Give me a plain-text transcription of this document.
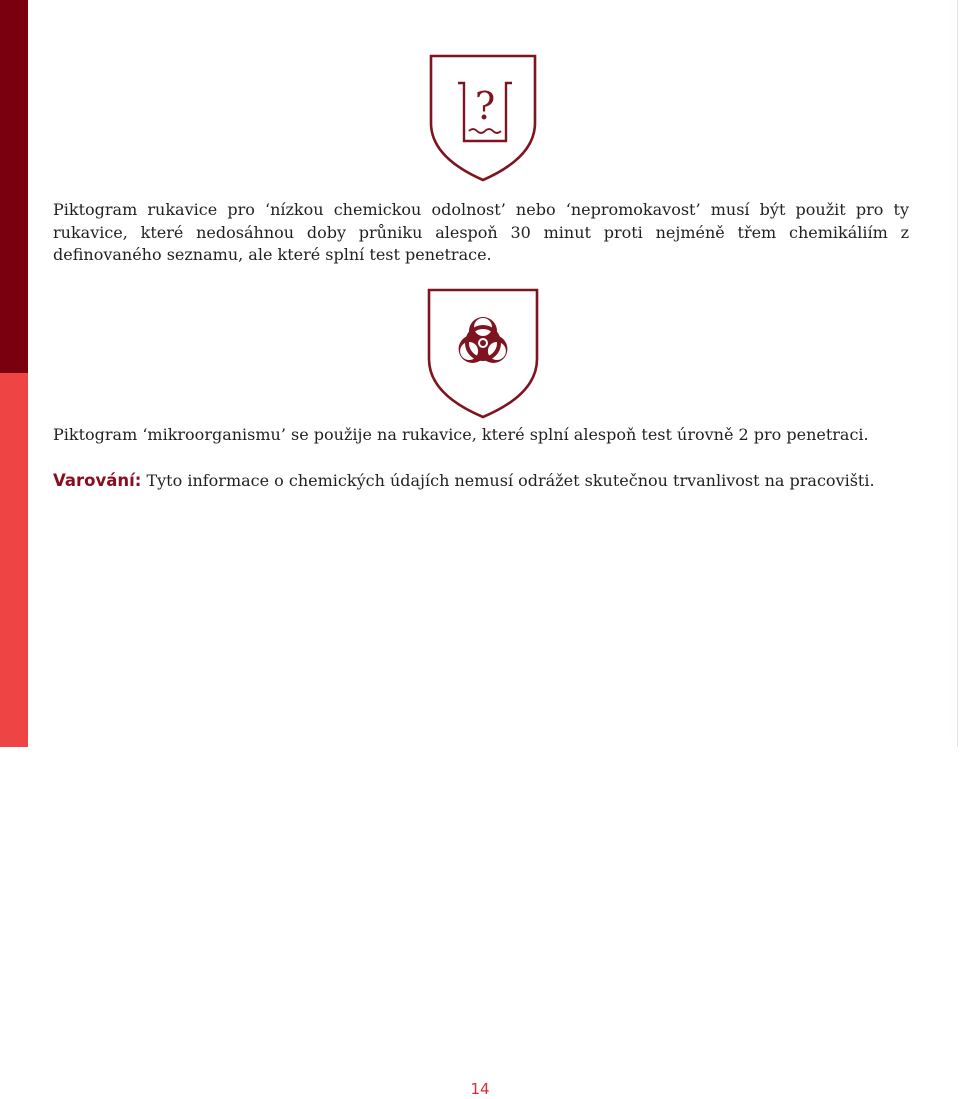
?

Piktogram rukavice pro ‘nízkou chemickou odolnost’ nebo ‘nepromokavost’ musí být použit pro ty rukavice, které nedosáhnou doby průniku alespoň 30 minut proti nejméně třem chemikáliím z definovaného seznamu, ale které splní test penetrace.

Piktogram ‘mikroorganismu’ se použije na rukavice, které splní alespoň test úrovně 2 pro penetraci.

Varování: Tyto informace o chemických údajích nemusí odrážet skutečnou trvanlivost na pracovišti.

14
